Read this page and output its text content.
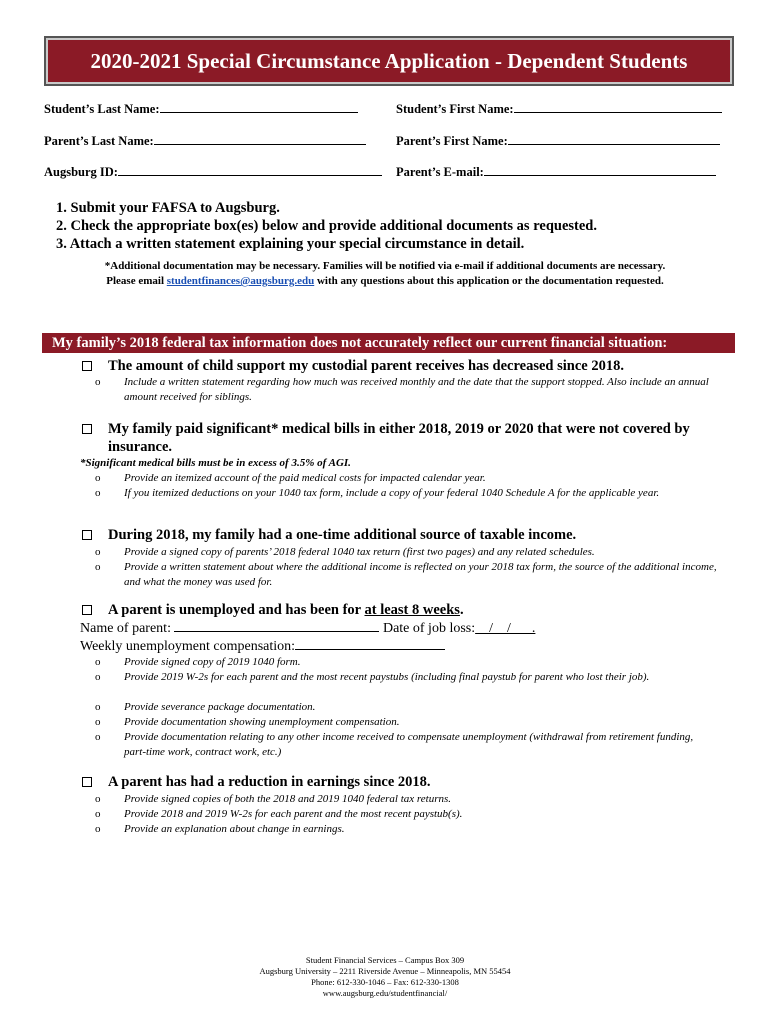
2020-2021 Special Circumstance Application - Dependent Students
Student’s Last Name:	Student’s First Name:
Parent’s Last Name:	Parent’s First Name:
Augsburg ID:	Parent’s E-mail:
1. Submit your FAFSA to Augsburg.
2. Check the appropriate box(es) below and provide additional documents as requested.
3. Attach a written statement explaining your special circumstance in detail.
*Additional documentation may be necessary. Families will be notified via e-mail if additional documents are necessary.
Please email studentfinances@augsburg.edu with any questions about this application or the documentation requested.
My family’s 2018 federal tax information does not accurately reflect our current financial situation:
The amount of child support my custodial parent receives has decreased since 2018.
o Include a written statement regarding how much was received monthly and the date that the support stopped. Also include an annual amount received for siblings.
My family paid significant* medical bills in either 2018, 2019 or 2020 that were not covered by
insurance.
*Significant medical bills must be in excess of 3.5% of AGI.
o Provide an itemized account of the paid medical costs for impacted calendar year.
o If you itemized deductions on your 1040 tax form, include a copy of your federal 1040 Schedule A for the applicable year.
During 2018, my family had a one-time additional source of taxable income.
o Provide a signed copy of parents’ 2018 federal 1040 tax return (first two pages) and any related schedules.
o Provide a written statement about where the additional income is reflected on your 2018 tax form, the source of the additional income, and what the money was used for.
A parent is unemployed and has been for at least 8 weeks.
Name of parent:	Date of job loss:    /    /      .
Weekly unemployment compensation:
o Provide signed copy of 2019 1040 form.
o Provide 2019 W-2s for each parent and the most recent paystubs (including final paystub for parent who lost their job).
o Provide severance package documentation.
o Provide documentation showing unemployment compensation.
o Provide documentation relating to any other income received to compensate unemployment (withdrawal from retirement funding, part-time work, contract work, etc.)
A parent has had a reduction in earnings since 2018.
o Provide signed copies of both the 2018 and 2019 1040 federal tax returns.
o Provide 2018 and 2019 W-2s for each parent and the most recent paystub(s).
o Provide an explanation about change in earnings.
Student Financial Services – Campus Box 309
Augsburg University – 2211 Riverside Avenue – Minneapolis, MN 55454
Phone: 612-330-1046 – Fax: 612-330-1308
www.augsburg.edu/studentfinancial/
